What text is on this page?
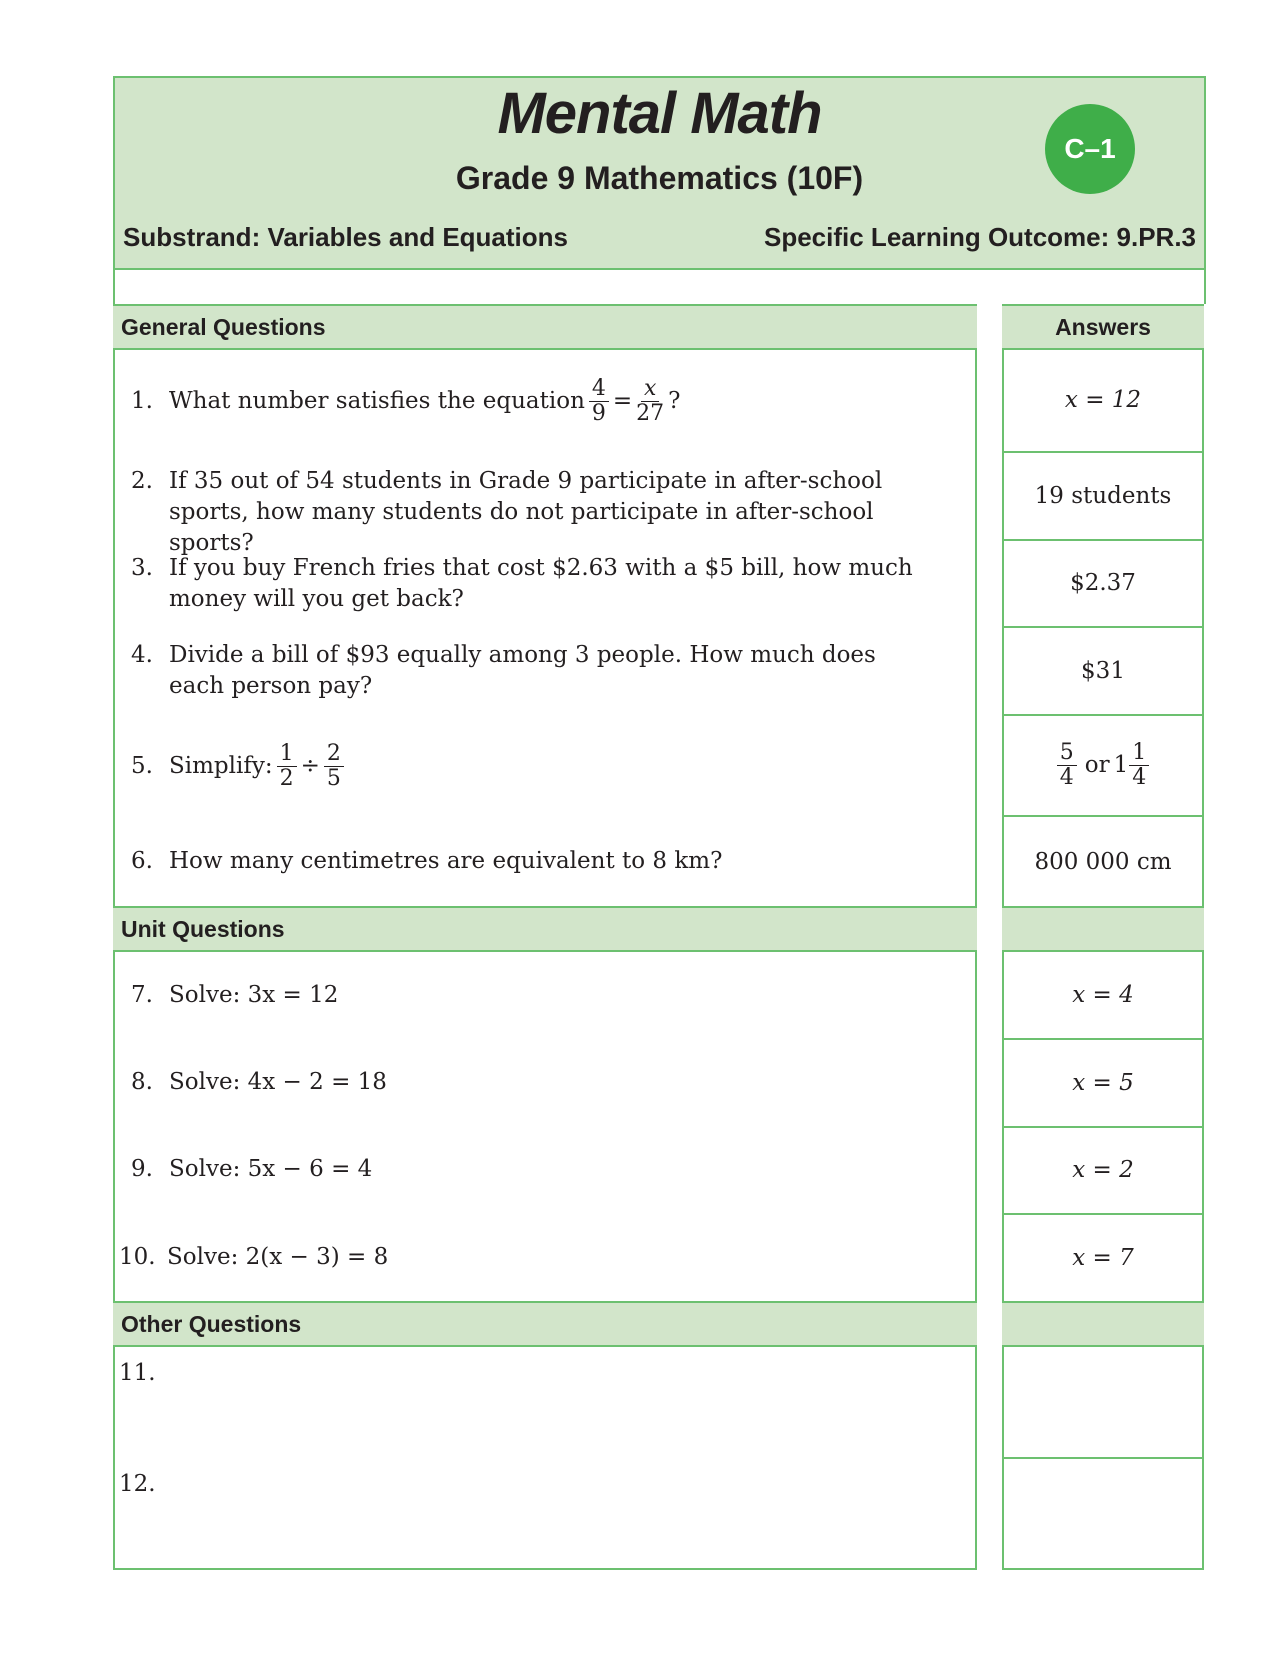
Mental Math
Grade 9 Mathematics (10F)
C–1
Substrand: Variables and Equations	Specific Learning Outcome: 9.PR.3
General Questions
Unit Questions
Other Questions
Answers
1. What number satisfies the equation $\frac{4}{9} = \frac{x}{27}$ ?
2. If 35 out of 54 students in Grade 9 participate in after-school sports, how many students do not participate in after-school sports?
3. If you buy French fries that cost $2.63 with a $5 bill, how much money will you get back?
4. Divide a bill of $93 equally among 3 people. How much does each person pay?
5. Simplify: $\frac{1}{2} \div \frac{2}{5}$
6. How many centimetres are equivalent to 8 km?
7. Solve: 3x = 12
8. Solve: 4x − 2 = 18
9. Solve: 5x − 6 = 4
10. Solve: 2(x − 3) = 8
11.
12.
x = 12
19 students
$2.37
$31
$\frac{5}{4}$ or $1 \frac{1}{4}$
800 000 cm
x = 4
x = 5
x = 2
x = 7
